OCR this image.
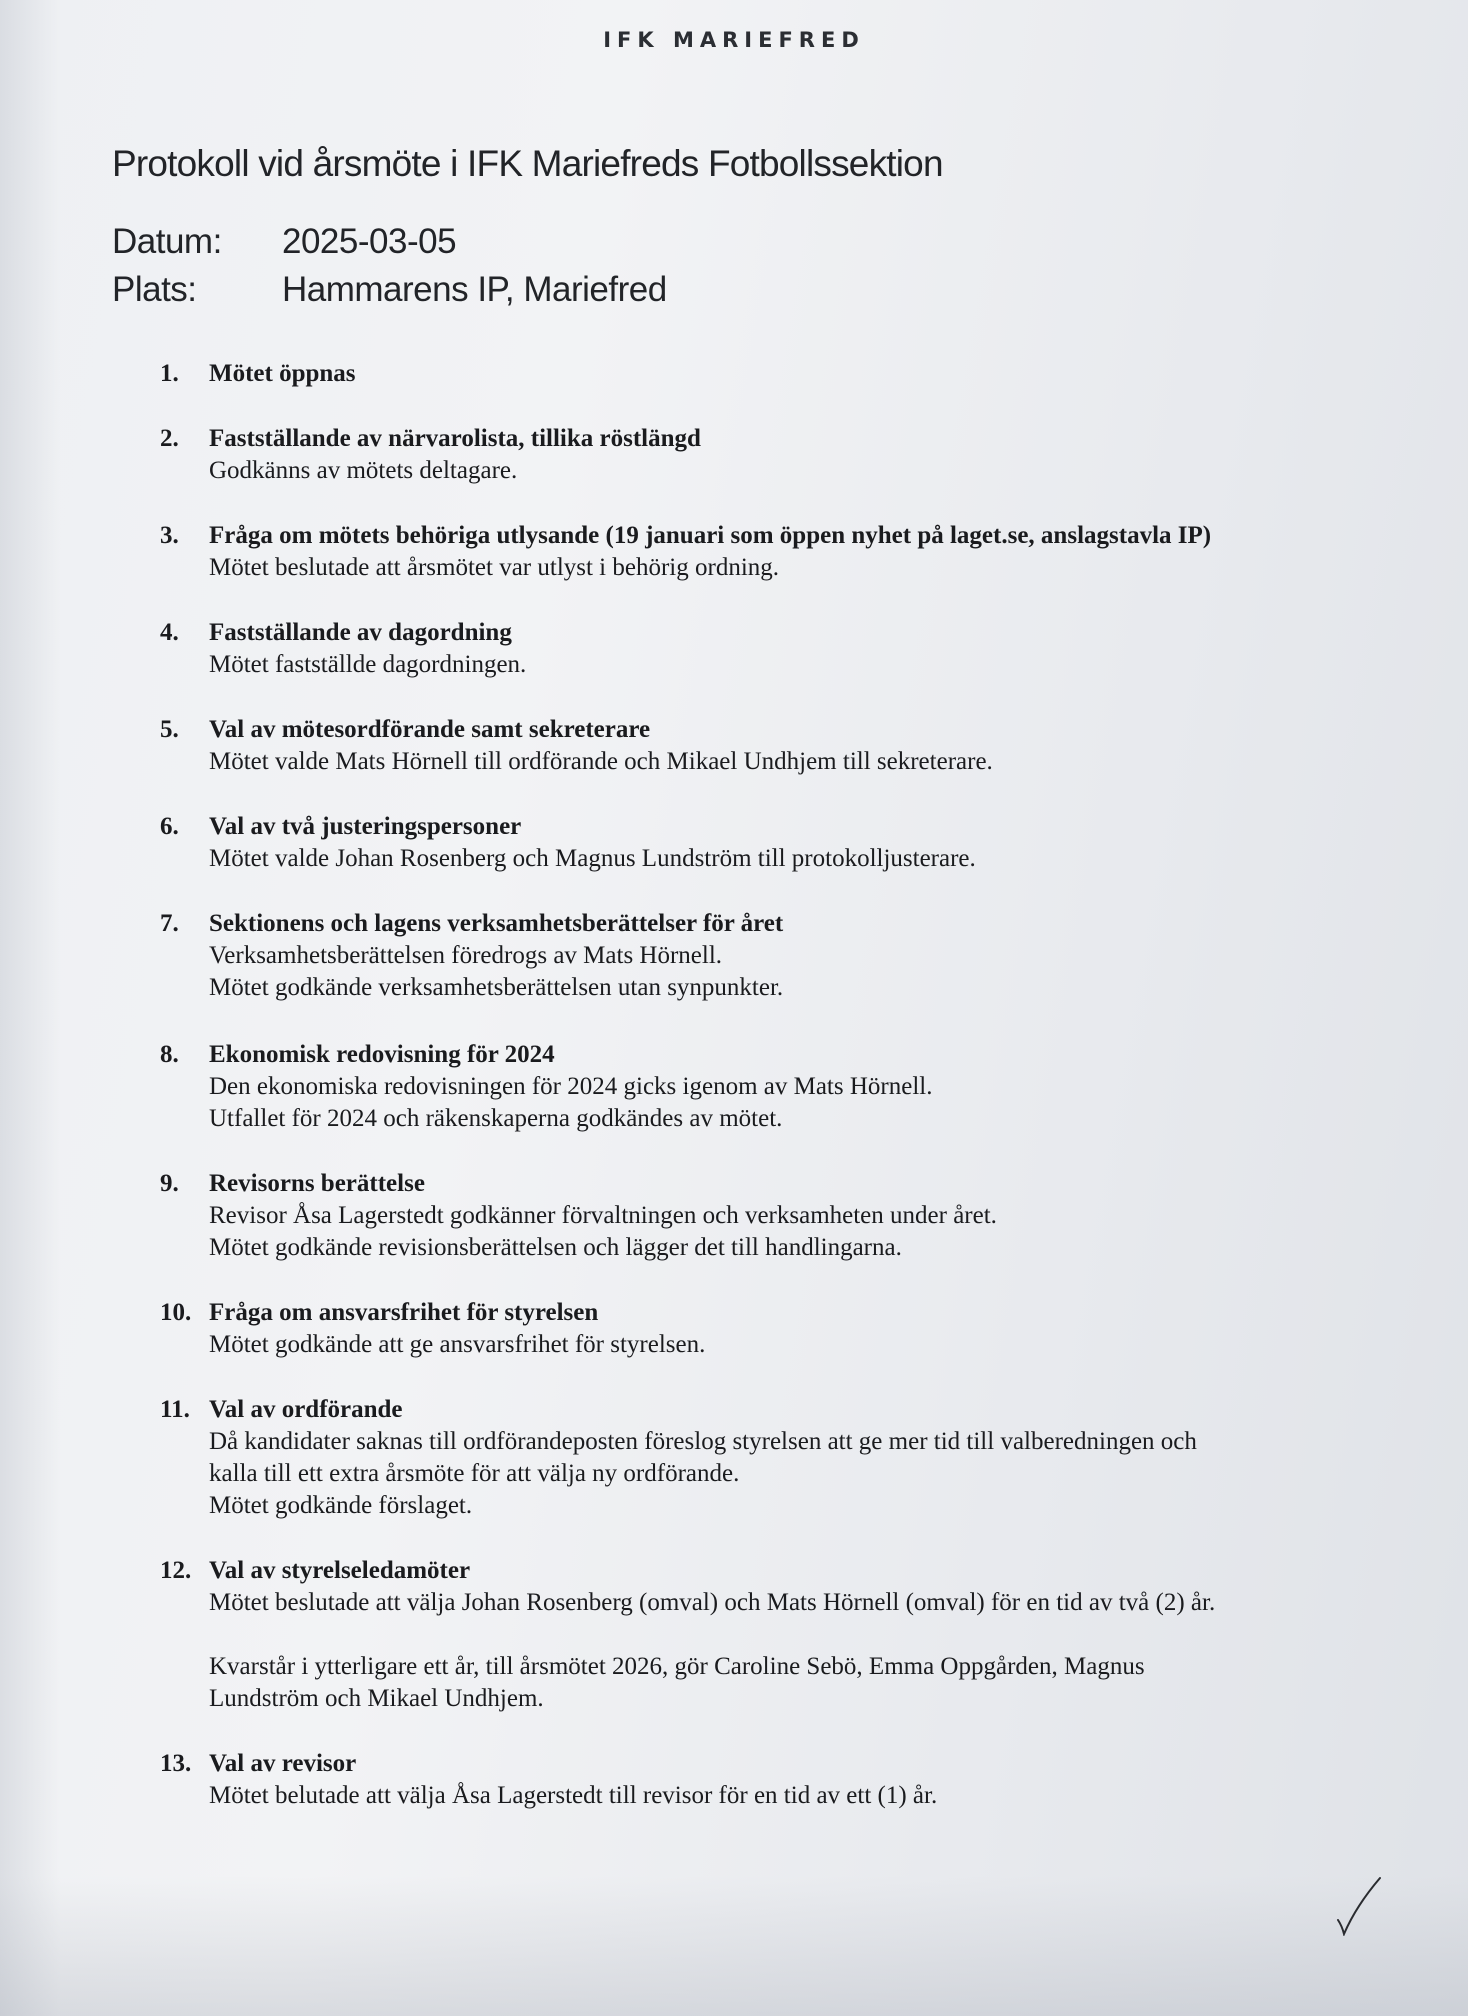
IFK MARIEFRED
Protokoll vid årsmöte i IFK Mariefreds Fotbollssektion
Datum: 2025-03-05
Plats: Hammarens IP, Mariefred
1. Mötet öppnas
2. Fastställande av närvarolista, tillika röstlängd
Godkänns av mötets deltagare.
3. Fråga om mötets behöriga utlysande (19 januari som öppen nyhet på laget.se, anslagstavla IP)
Mötet beslutade att årsmötet var utlyst i behörig ordning.
4. Fastställande av dagordning
Mötet fastställde dagordningen.
5. Val av mötesordförande samt sekreterare
Mötet valde Mats Hörnell till ordförande och Mikael Undhjem till sekreterare.
6. Val av två justeringspersoner
Mötet valde Johan Rosenberg och Magnus Lundström till protokolljusterare.
7. Sektionens och lagens verksamhetsberättelser för året
Verksamhetsberättelsen föredrogs av Mats Hörnell.
Mötet godkände verksamhetsberättelsen utan synpunkter.
8. Ekonomisk redovisning för 2024
Den ekonomiska redovisningen för 2024 gicks igenom av Mats Hörnell.
Utfallet för 2024 och räkenskaperna godkändes av mötet.
9. Revisorns berättelse
Revisor Åsa Lagerstedt godkänner förvaltningen och verksamheten under året.
Mötet godkände revisionsberättelsen och lägger det till handlingarna.
10. Fråga om ansvarsfrihet för styrelsen
Mötet godkände att ge ansvarsfrihet för styrelsen.
11. Val av ordförande
Då kandidater saknas till ordförandeposten föreslog styrelsen att ge mer tid till valberedningen och
kalla till ett extra årsmöte för att välja ny ordförande.
Mötet godkände förslaget.
12. Val av styrelseledamöter
Mötet beslutade att välja Johan Rosenberg (omval) och Mats Hörnell (omval) för en tid av två (2) år.
Kvarstår i ytterligare ett år, till årsmötet 2026, gör Caroline Sebö, Emma Oppgården, Magnus
Lundström och Mikael Undhjem.
13. Val av revisor
Mötet belutade att välja Åsa Lagerstedt till revisor för en tid av ett (1) år.
